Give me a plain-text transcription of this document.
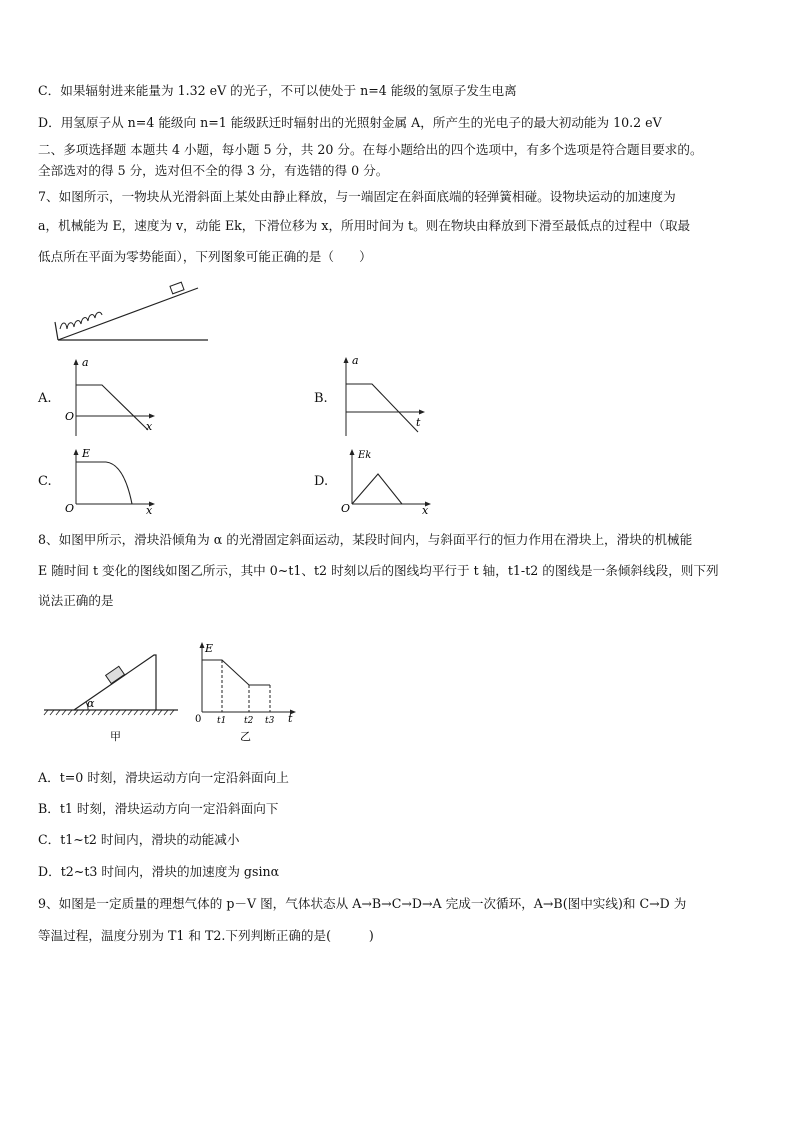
C．如果辐射进来能量为 1.32 eV 的光子，不可以使处于 n=4 能级的氢原子发生电离
D．用氢原子从 n=4 能级向 n=1 能级跃迁时辐射出的光照射金属 A，所产生的光电子的最大初动能为 10.2 eV
二、多项选择题 本题共 4 小题，每小题 5 分，共 20 分。在每小题给出的四个选项中，有多个选项是符合题目要求的。
全部选对的得 5 分，选对但不全的得 3 分，有选错的得 0 分。
7、如图所示，一物块从光滑斜面上某处由静止释放，与一端固定在斜面底端的轻弹簧相碰。设物块运动的加速度为
a，机械能为 E，速度为 v，动能 Ek，下滑位移为 x，所用时间为 t。则在物块由释放到下滑至最低点的过程中（取最
低点所在平面为零势能面），下列图象可能正确的是（　　）
A.
a
O
x
B.
a
t
C.
E
O	x
D.
Ek
O	x
8、如图甲所示，滑块沿倾角为 α 的光滑固定斜面运动，某段时间内，与斜面平行的恒力作用在滑块上，滑块的机械能
E 随时间 t 变化的图线如图乙所示，其中 0~t1、t2 时刻以后的图线均平行于 t 轴，t1-t2 的图线是一条倾斜线段，则下列
说法正确的是
α
甲
E
0 t1 t2 t3 t
乙
A．t=0 时刻，滑块运动方向一定沿斜面向上
B．t1 时刻，滑块运动方向一定沿斜面向下
C．t1~t2 时间内，滑块的动能减小
D．t2~t3 时间内，滑块的加速度为 gsinα
9、如图是一定质量的理想气体的 p－V 图，气体状态从 A→B→C→D→A 完成一次循环，A→B(图中实线)和 C→D 为
等温过程，温度分别为 T1 和 T2.下列判断正确的是(　　　)
